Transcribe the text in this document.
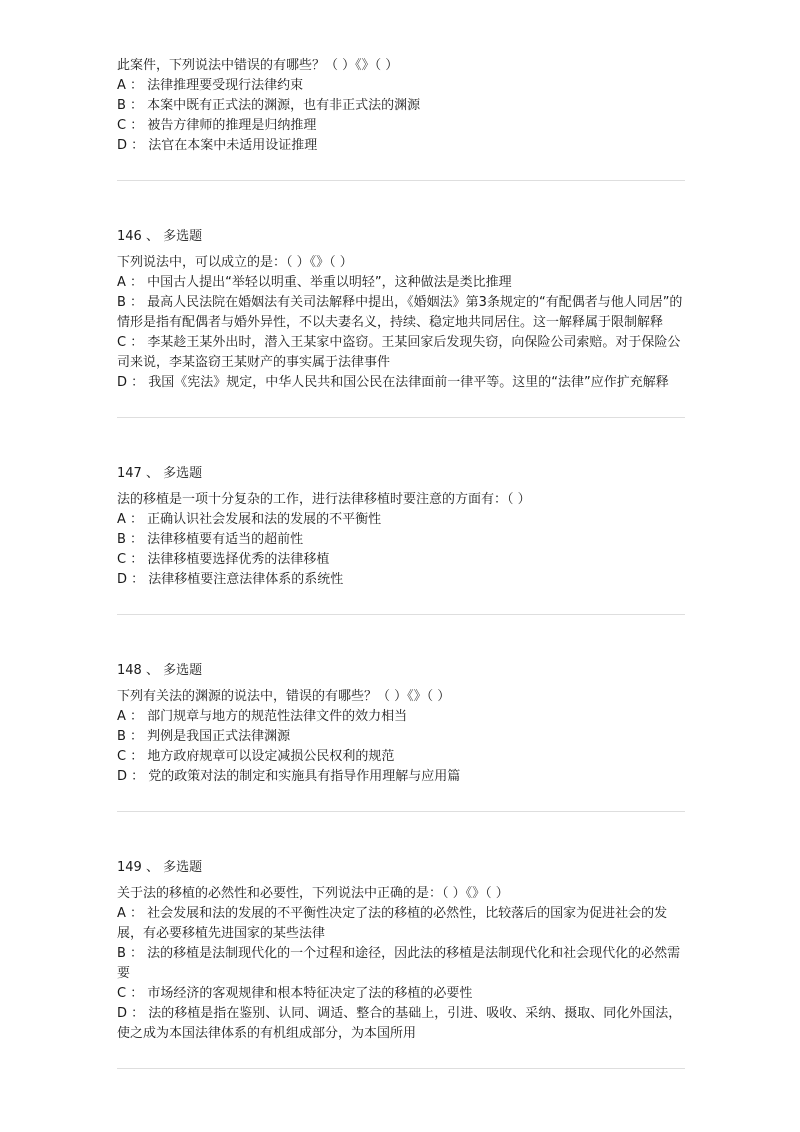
此案件，下列说法中错误的有哪些？（ ）《》（ ）
A ： 法律推理要受现行法律约束
B ： 本案中既有正式法的渊源，也有非正式法的渊源
C ： 被告方律师的推理是归纳推理
D ： 法官在本案中未适用设证推理
146 、 多选题
下列说法中，可以成立的是：（ ）《》（ ）
A ： 中国古人提出“举轻以明重、举重以明轻”，这种做法是类比推理
B ： 最高人民法院在婚姻法有关司法解释中提出，《婚姻法》第3条规定的“有配偶者与他人同居”的情形是指有配偶者与婚外异性，不以夫妻名义，持续、稳定地共同居住。这一解释属于限制解释
C ： 李某趁王某外出时，潜入王某家中盗窃。王某回家后发现失窃，向保险公司索赔。对于保险公司来说，李某盗窃王某财产的事实属于法律事件
D ： 我国《宪法》规定，中华人民共和国公民在法律面前一律平等。这里的“法律”应作扩充解释
147 、 多选题
法的移植是一项十分复杂的工作，进行法律移植时要注意的方面有：（ ）
A ： 正确认识社会发展和法的发展的不平衡性
B ： 法律移植要有适当的超前性
C ： 法律移植要选择优秀的法律移植
D ： 法律移植要注意法律体系的系统性
148 、 多选题
下列有关法的渊源的说法中，错误的有哪些？（ ）《》（ ）
A ： 部门规章与地方的规范性法律文件的效力相当
B ： 判例是我国正式法律渊源
C ： 地方政府规章可以设定减损公民权利的规范
D ： 党的政策对法的制定和实施具有指导作用理解与应用篇
149 、 多选题
关于法的移植的必然性和必要性，下列说法中正确的是：（ ）《》（ ）
A ： 社会发展和法的发展的不平衡性决定了法的移植的必然性，比较落后的国家为促进社会的发展，有必要移植先进国家的某些法律
B ： 法的移植是法制现代化的一个过程和途径，因此法的移植是法制现代化和社会现代化的必然需要
C ： 市场经济的客观规律和根本特征决定了法的移植的必要性
D ： 法的移植是指在鉴别、认同、调适、整合的基础上，引进、吸收、采纳、摄取、同化外国法，使之成为本国法律体系的有机组成部分，为本国所用
